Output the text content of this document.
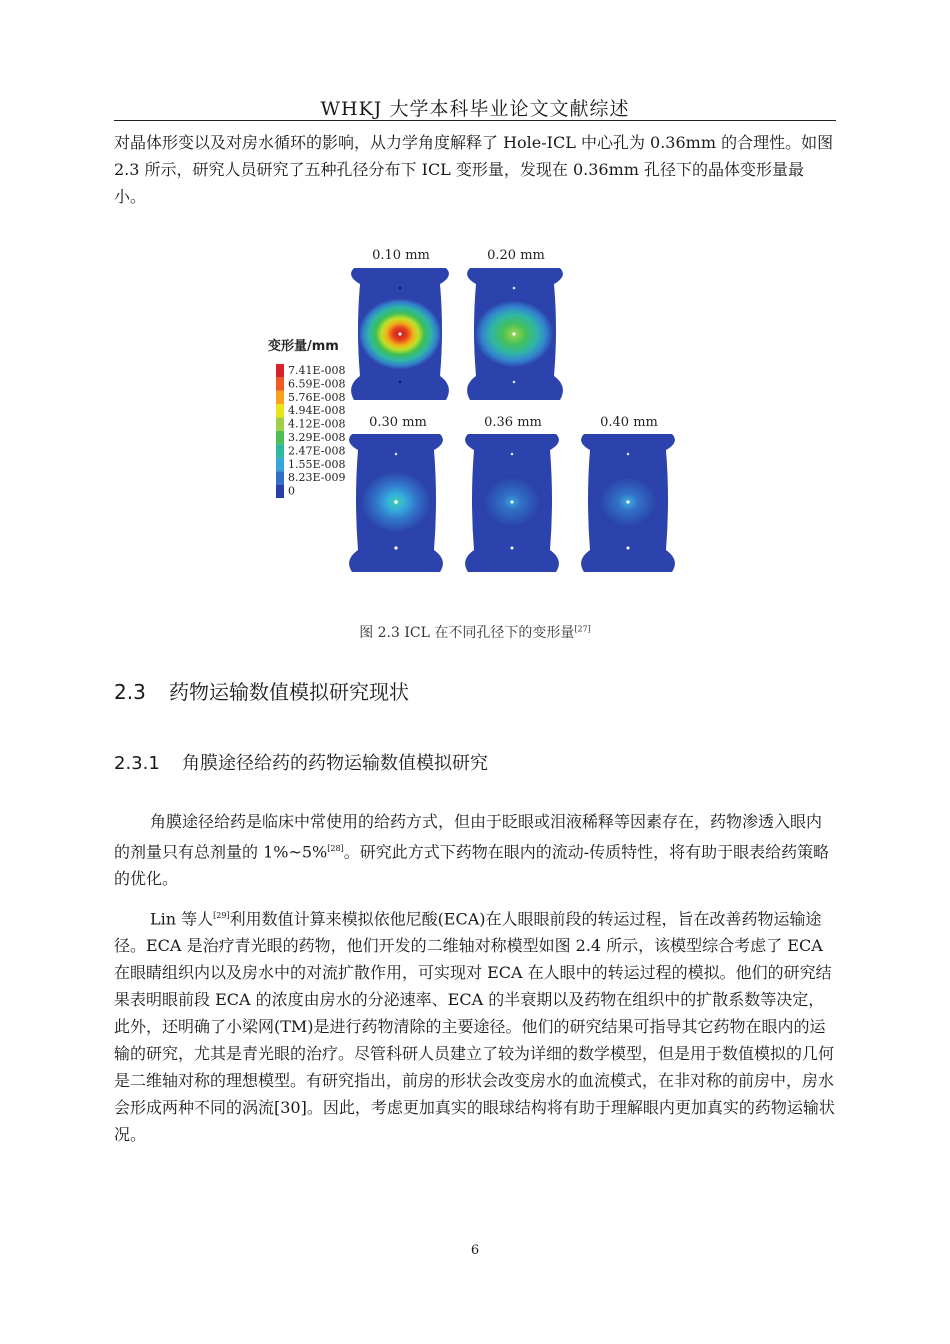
WHKJ 大学本科毕业论文文献综述

对晶体形变以及对房水循环的影响，从力学角度解释了 Hole-ICL 中心孔为 0.36mm 的合理性。如图 2.3 所示，研究人员研究了五种孔径分布下 ICL 变形量，发现在 0.36mm 孔径下的晶体变形量最小。

0.10 mm	0.20 mm
0.30 mm	0.36 mm	0.40 mm
变形量/mm
7.41E-008
6.59E-008
5.76E-008
4.94E-008
4.12E-008
3.29E-008
2.47E-008
1.55E-008
8.23E-009
0
图 2.3 ICL 在不同孔径下的变形量[27]
2.3 药物运输数值模拟研究现状
2.3.1 角膜途径给药的药物运输数值模拟研究

角膜途径给药是临床中常使用的给药方式，但由于眨眼或泪液稀释等因素存在，药物渗透入眼内的剂量只有总剂量的 1%~5%[28]。研究此方式下药物在眼内的流动-传质特性，将有助于眼表给药策略的优化。

Lin 等人[29]利用数值计算来模拟依他尼酸(ECA)在人眼眼前段的转运过程，旨在改善药物运输途径。ECA 是治疗青光眼的药物，他们开发的二维轴对称模型如图 2.4 所示，该模型综合考虑了 ECA 在眼睛组织内以及房水中的对流扩散作用，可实现对 ECA 在人眼中的转运过程的模拟。他们的研究结果表明眼前段 ECA 的浓度由房水的分泌速率、ECA 的半衰期以及药物在组织中的扩散系数等决定，此外，还明确了小梁网(TM)是进行药物清除的主要途径。他们的研究结果可指导其它药物在眼内的运输的研究，尤其是青光眼的治疗。尽管科研人员建立了较为详细的数学模型，但是用于数值模拟的几何是二维轴对称的理想模型。有研究指出，前房的形状会改变房水的血流模式，在非对称的前房中，房水会形成两种不同的涡流[30]。因此，考虑更加真实的眼球结构将有助于理解眼内更加真实的药物运输状况。

6
